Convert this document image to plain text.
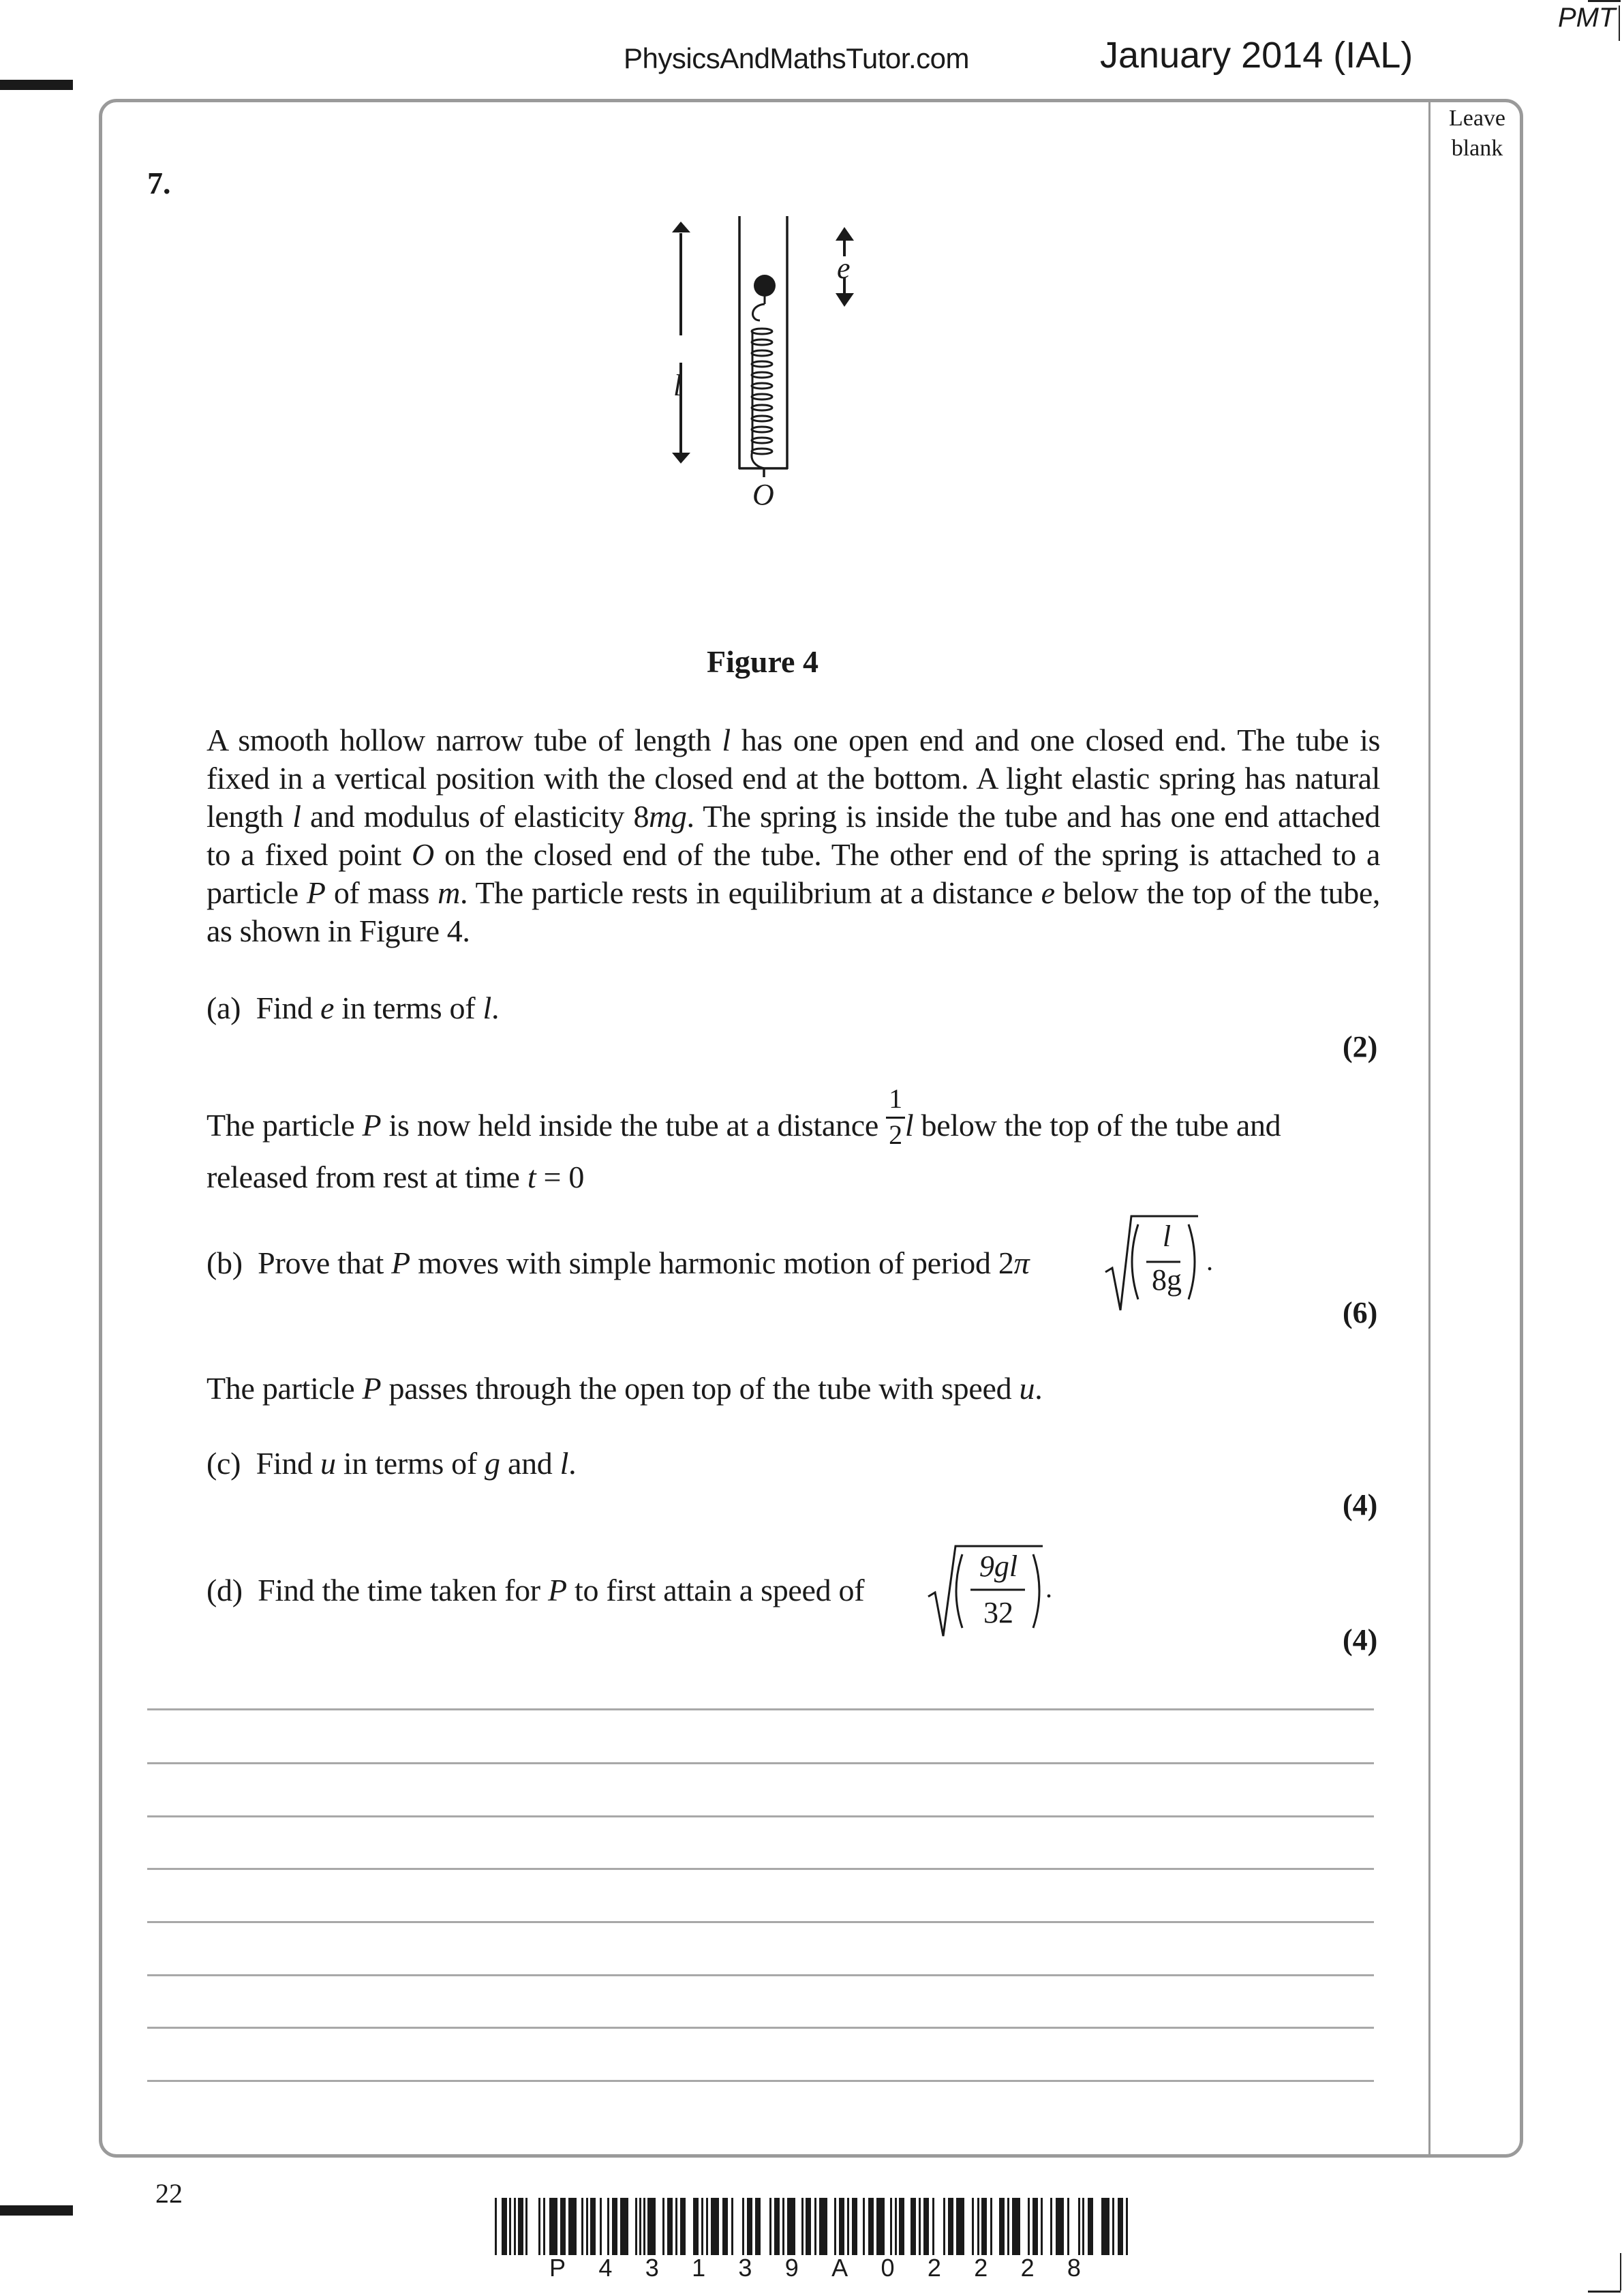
PhysicsAndMathsTutor.com	January 2014 (IAL)
PMT
Leave
blank
7.
l
e
O
Figure 4
A smooth hollow narrow tube of length l has one open end and one closed end. The tube is fixed in a vertical position with the closed end at the bottom. A light elastic spring has natural length l and modulus of elasticity 8mg. The spring is inside the tube and has one end attached to a fixed point O on the closed end of the tube. The other end of the spring is attached to a particle P of mass m. The particle rests in equilibrium at a distance e below the top of the tube, as shown in Figure 4.
(a) Find e in terms of l.
(2)
The particle P is now held inside the tube at a distance $\frac{1}{2}$ l below the top of the tube and
released from rest at time t = 0
(b) Prove that P moves with simple harmonic motion of period 2π
l
8g
.
(6)
The particle P passes through the open top of the tube with speed u.
(c) Find u in terms of g and l.
(4)
(d) Find the time taken for P to first attain a speed of
9gl
32
.
(4)
22
P 4 3 1 3 9 A 0 2 2 2 8
